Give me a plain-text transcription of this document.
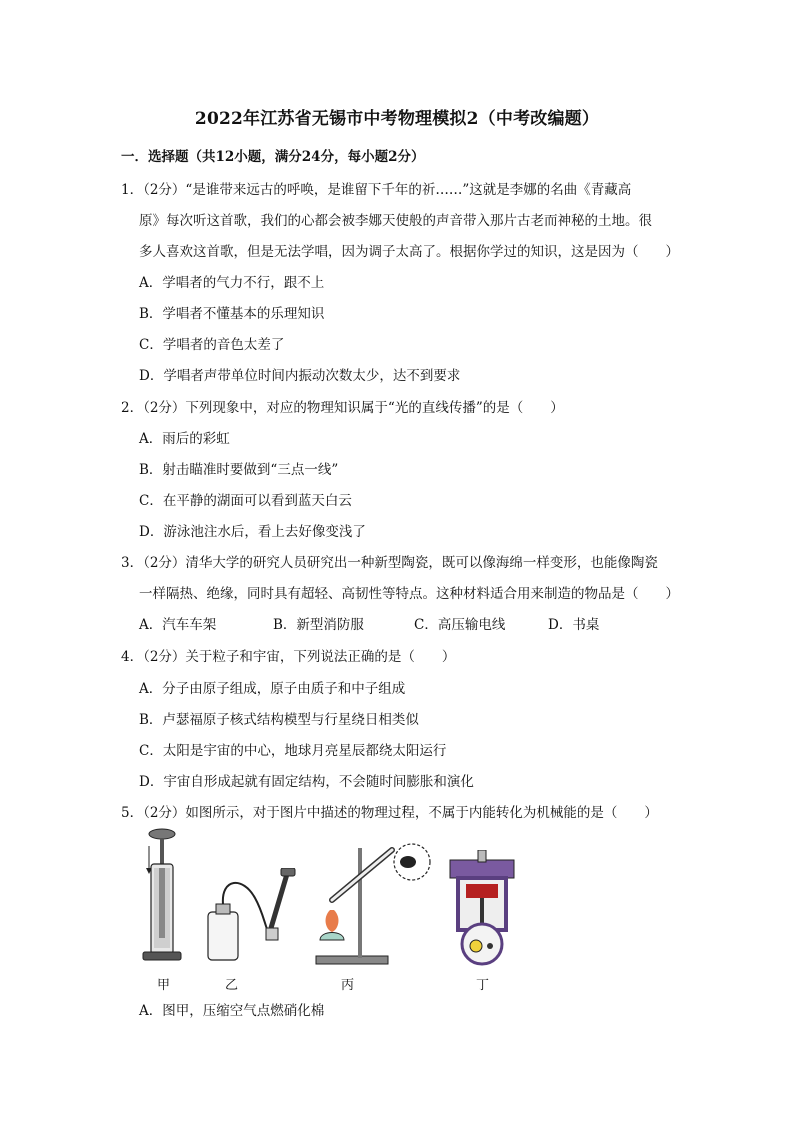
2022年江苏省无锡市中考物理模拟2（中考改编题）
一．选择题（共12小题，满分24分，每小题2分）
1．（2分）“是谁带来远古的呼唤，是谁留下千年的祈……”这就是李娜的名曲《青藏高
原》每次听这首歌，我们的心都会被李娜天使般的声音带入那片古老而神秘的土地。很
多人喜欢这首歌，但是无法学唱，因为调子太高了。根据你学过的知识，这是因为（　　）
A．学唱者的气力不行，跟不上
B．学唱者不懂基本的乐理知识
C．学唱者的音色太差了
D．学唱者声带单位时间内振动次数太少，达不到要求
2．（2分）下列现象中，对应的物理知识属于“光的直线传播”的是（　　）
A．雨后的彩虹
B．射击瞄准时要做到“三点一线”
C．在平静的湖面可以看到蓝天白云
D．游泳池注水后，看上去好像变浅了
3．（2分）清华大学的研究人员研究出一种新型陶瓷，既可以像海绵一样变形，也能像陶瓷
一样隔热、绝缘，同时具有超轻、高韧性等特点。这种材料适合用来制造的物品是（　　）
A．汽车车架	B．新型消防服	C．高压输电线	D．书桌
4．（2分）关于粒子和宇宙，下列说法正确的是（　　）
A．分子由原子组成，原子由质子和中子组成
B．卢瑟福原子核式结构模型与行星绕日相类似
C．太阳是宇宙的中心，地球月亮星辰都绕太阳运行
D．宇宙自形成起就有固定结构，不会随时间膨胀和演化
5．（2分）如图所示，对于图片中描述的物理过程，不属于内能转化为机械能的是（　　）
甲	乙	丙	丁
A．图甲，压缩空气点燃硝化棉
